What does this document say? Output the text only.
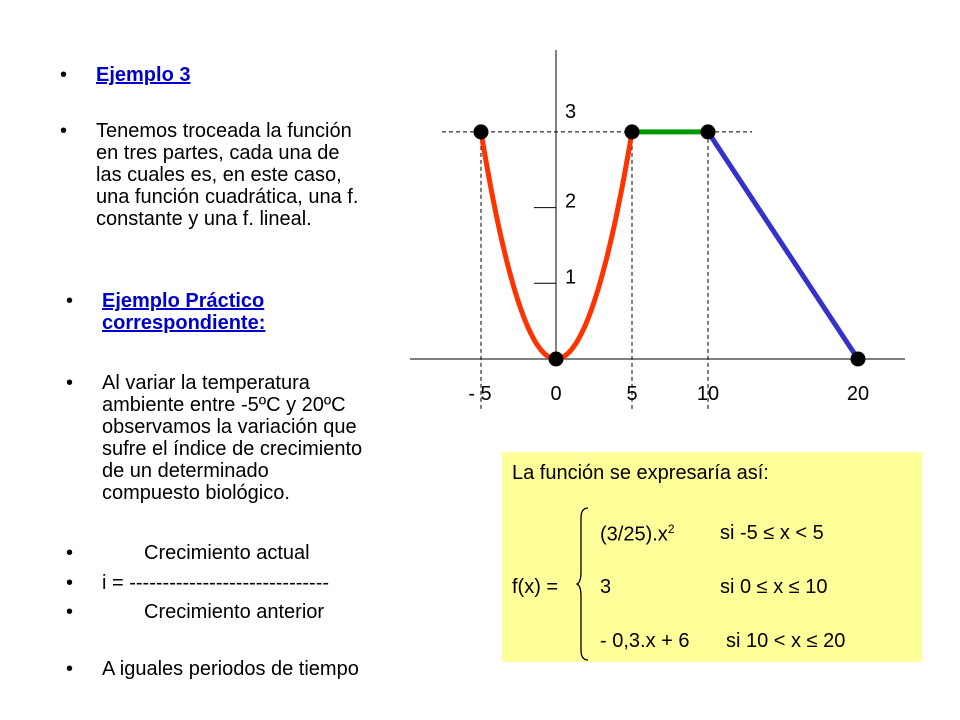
• Ejemplo 3
• Tenemos troceada la función
en tres partes, cada una de
las cuales es, en este caso,
una función cuadrática, una f.
constante y una f. lineal.
• Ejemplo Práctico
correspondiente:
• Al variar la temperatura
ambiente entre -5ºC y 20ºC
observamos la variación que
sufre el índice de crecimiento
de un determinado
compuesto biológico.
• Crecimiento actual
• i = ------------------------------
• Crecimiento anterior
• A iguales periodos de tiempo
- 5	0	5	10	20
1
2
3
La función se expresaría así:
$(3/25).x^2$ si -5 ≤ x < 5
f(x) = 3	si 0 ≤ x ≤ 10
- 0,3.x + 6 si 10 < x ≤ 20
